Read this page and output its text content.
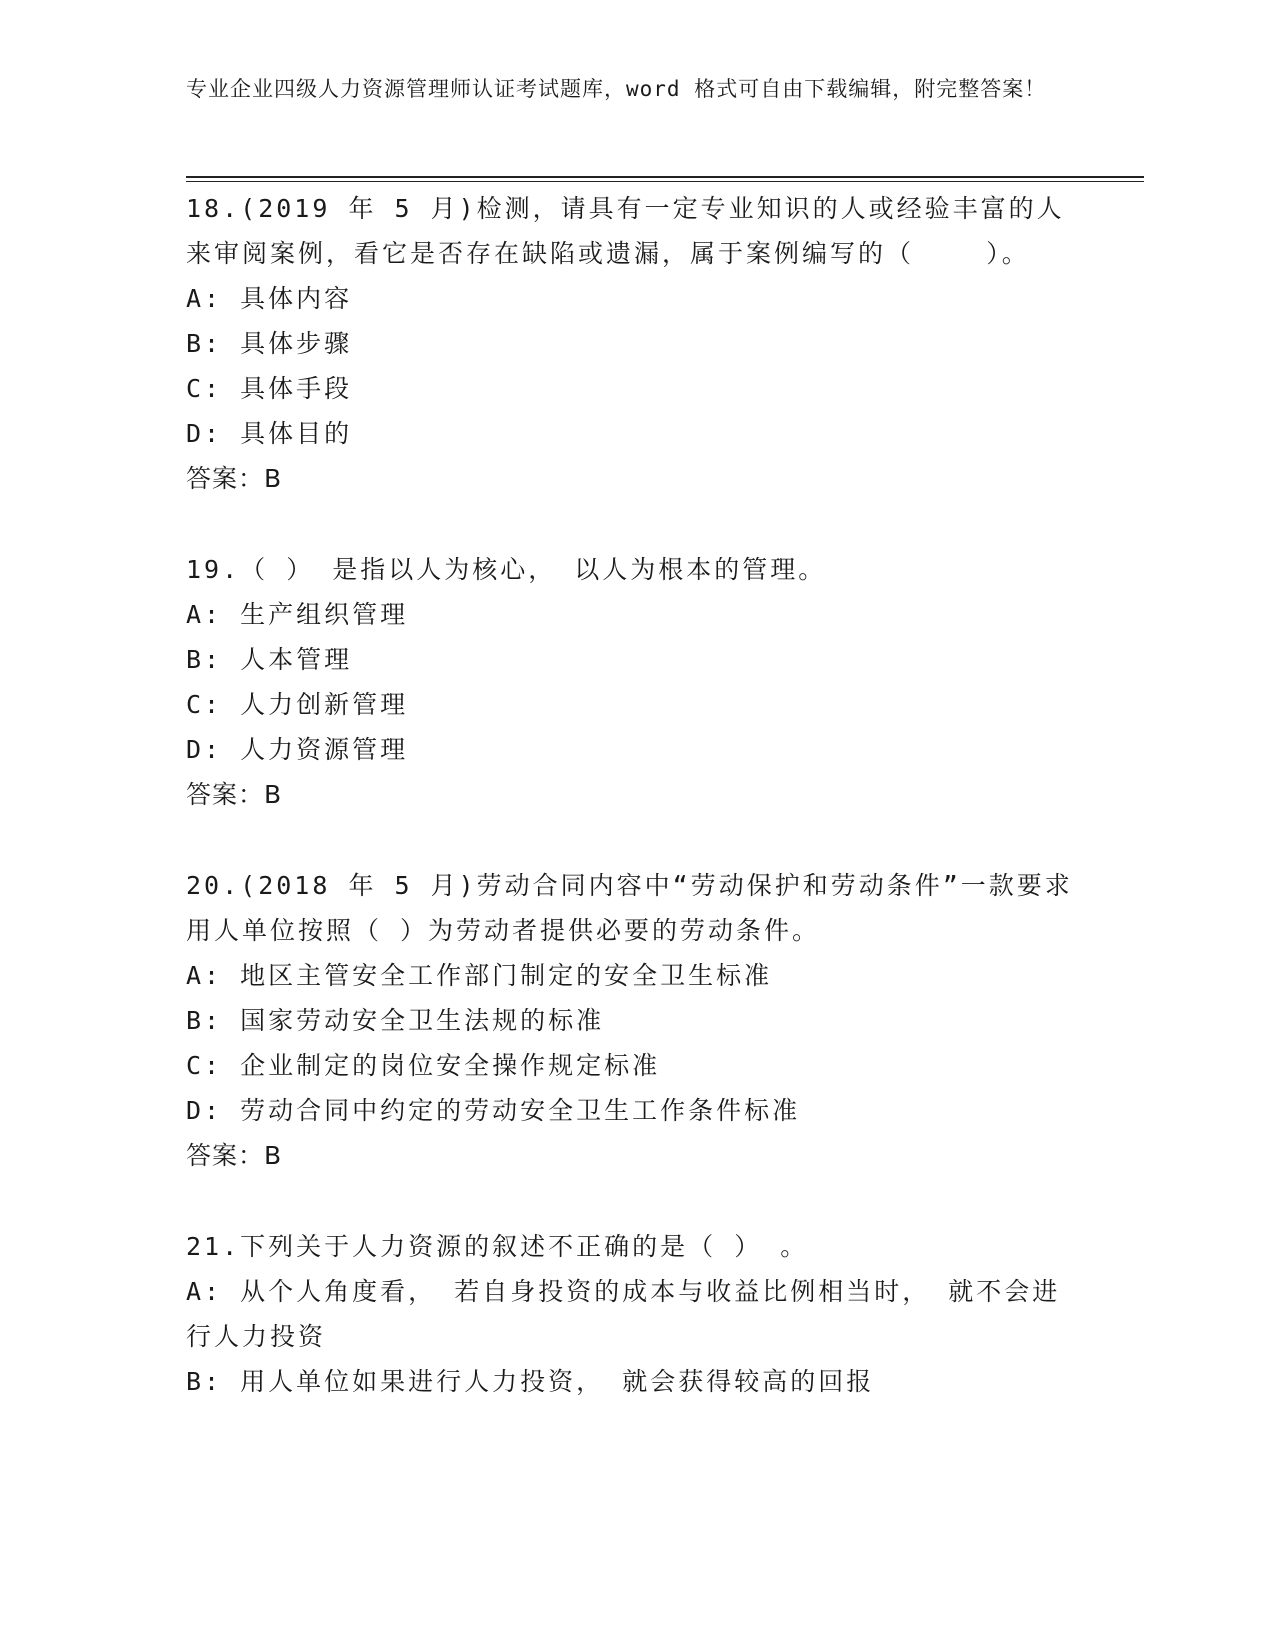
专业企业四级人力资源管理师认证考试题库，word 格式可自由下载编辑，附完整答案！
18.(2019 年 5 月)检测，请具有一定专业知识的人或经验丰富的人来审阅案例，看它是否存在缺陷或遗漏，属于案例编写的（    ）。
A: 具体内容
B: 具体步骤
C: 具体手段
D: 具体目的
答案：B
19.（ ） 是指以人为核心， 以人为根本的管理。
A: 生产组织管理
B: 人本管理
C: 人力创新管理
D: 人力资源管理
答案：B
20.(2018 年 5 月)劳动合同内容中“劳动保护和劳动条件”一款要求用人单位按照（ ）为劳动者提供必要的劳动条件。
A: 地区主管安全工作部门制定的安全卫生标准
B: 国家劳动安全卫生法规的标准
C: 企业制定的岗位安全操作规定标准
D: 劳动合同中约定的劳动安全卫生工作条件标准
答案：B
21.下列关于人力资源的叙述不正确的是（ ） 。
A: 从个人角度看， 若自身投资的成本与收益比例相当时， 就不会进行人力投资
B: 用人单位如果进行人力投资， 就会获得较高的回报
